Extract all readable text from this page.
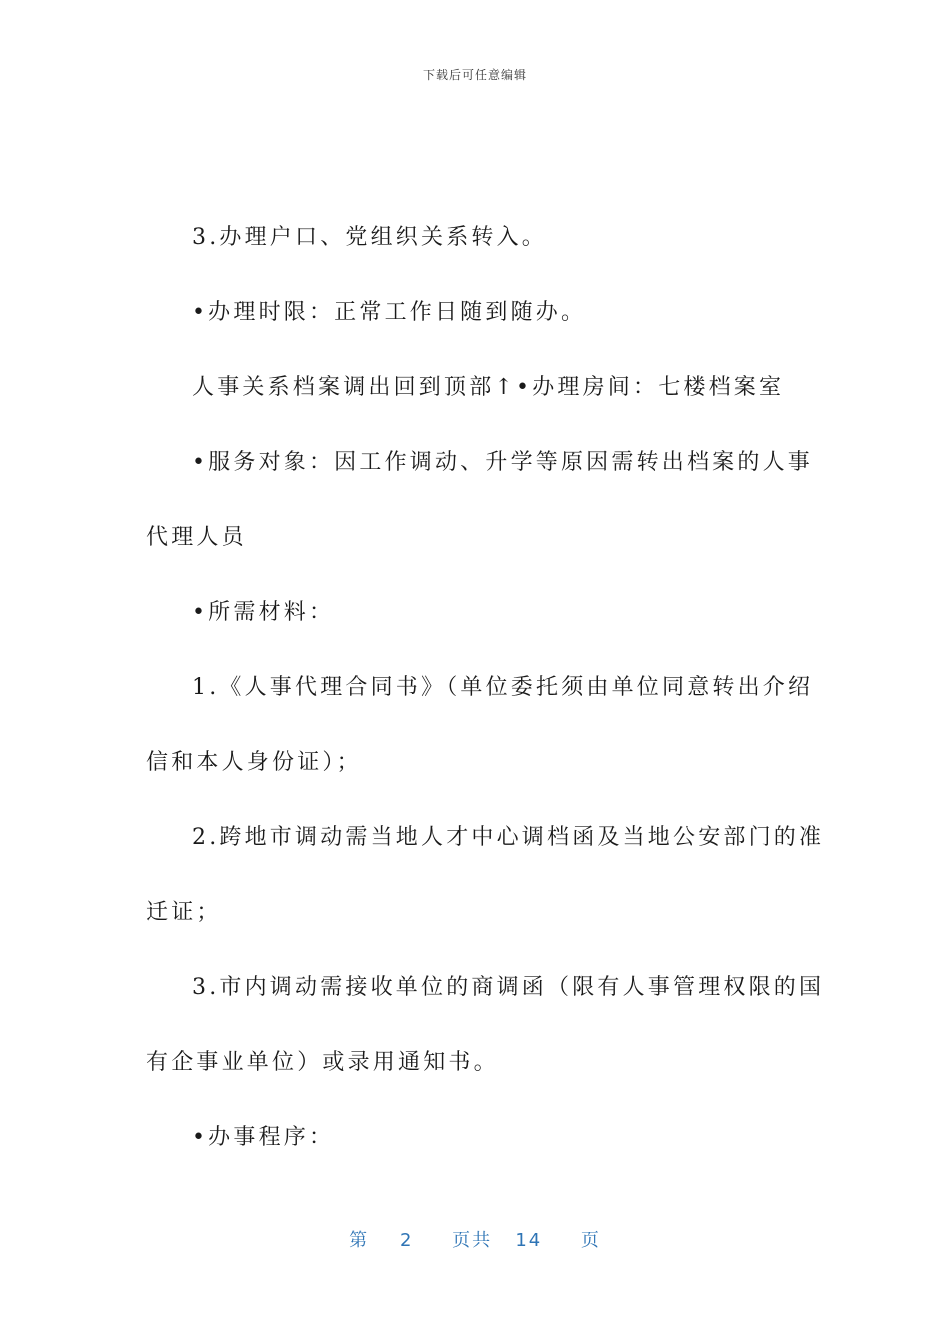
下载后可任意编辑

3.办理户口、党组织关系转入。

•办理时限：正常工作日随到随办。

人事关系档案调出回到顶部↑•办理房间：七楼档案室

•服务对象：因工作调动、升学等原因需转出档案的人事

代理人员

•所需材料：

1.《人事代理合同书》（单位委托须由单位同意转出介绍

信和本人身份证）；

2.跨地市调动需当地人才中心调档函及当地公安部门的准

迁证；

3.市内调动需接收单位的商调函（限有人事管理权限的国

有企事业单位）或录用通知书。

•办事程序：

第 2 页共 14 页
